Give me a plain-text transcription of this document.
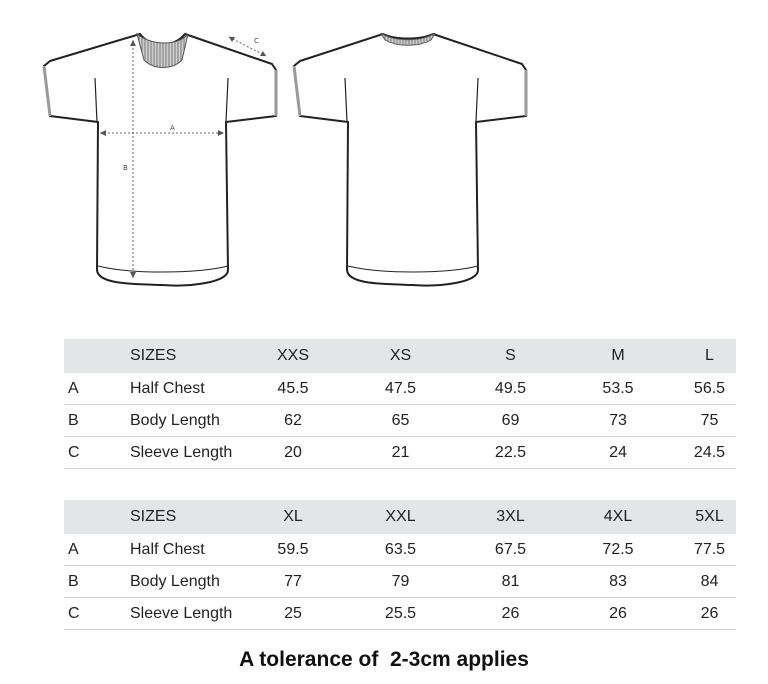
A
B
C
	SIZES	XXS	XS	S	M	L
A	Half Chest	45.5	47.5	49.5	53.5	56.5
B	Body Length	62	65	69	73	75
C	Sleeve Length	20	21	22.5	24	24.5
	SIZES	XL	XXL	3XL	4XL	5XL
A	Half Chest	59.5	63.5	67.5	72.5	77.5
B	Body Length	77	79	81	83	84
C	Sleeve Length	25	25.5	26	26	26
A tolerance of  2-3cm applies
